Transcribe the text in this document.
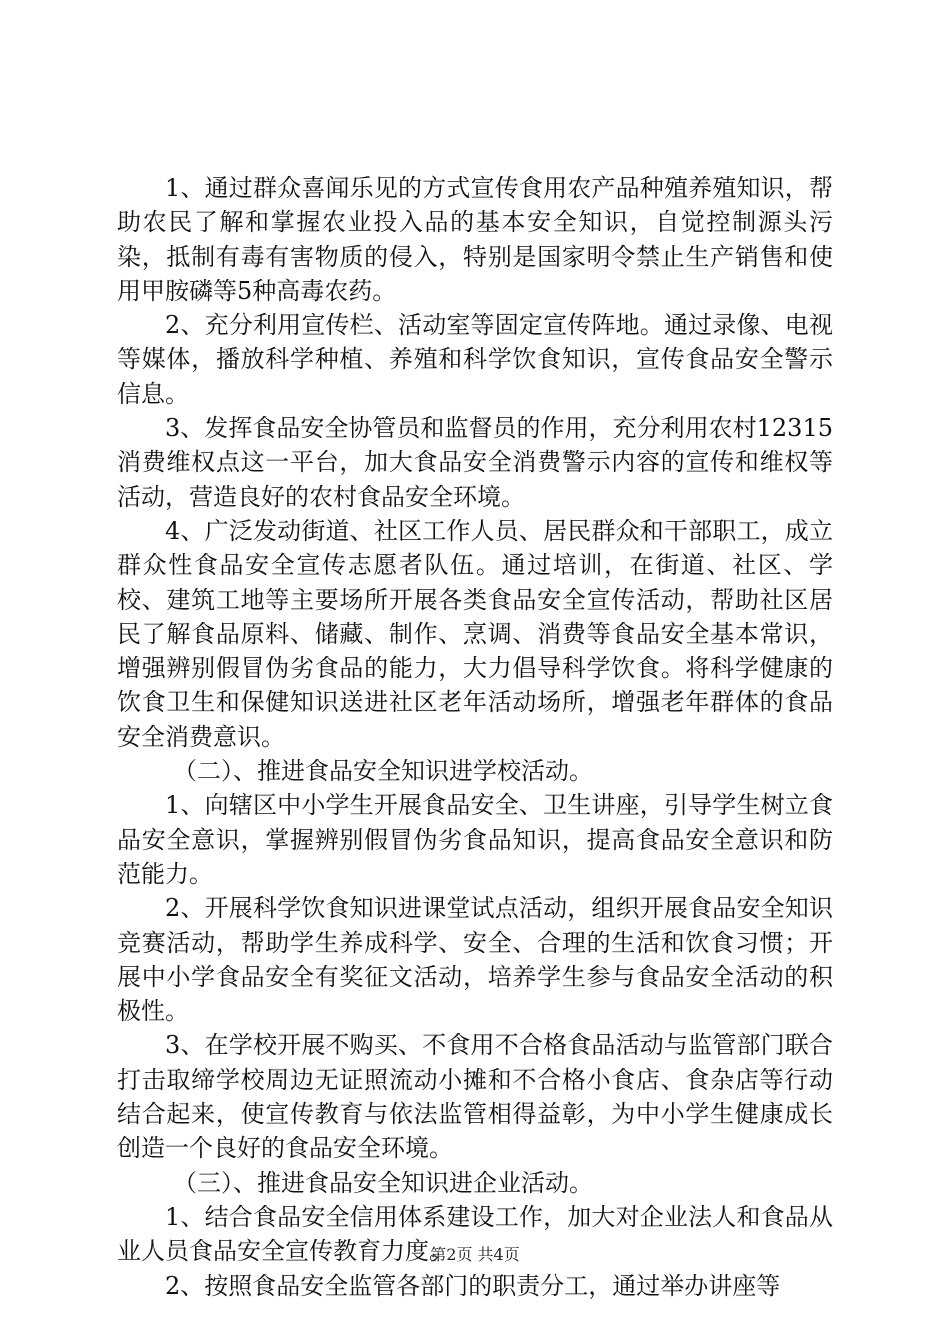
1、通过群众喜闻乐见的方式宣传食用农产品种殖养殖知识，帮助农民了解和掌握农业投入品的基本安全知识，自觉控制源头污染，抵制有毒有害物质的侵入，特别是国家明令禁止生产销售和使用甲胺磷等5种高毒农药。

2、充分利用宣传栏、活动室等固定宣传阵地。通过录像、电视等媒体，播放科学种植、养殖和科学饮食知识，宣传食品安全警示信息。

3、发挥食品安全协管员和监督员的作用，充分利用农村12315消费维权点这一平台，加大食品安全消费警示内容的宣传和维权等活动，营造良好的农村食品安全环境。

4、广泛发动街道、社区工作人员、居民群众和干部职工，成立群众性食品安全宣传志愿者队伍。通过培训，在街道、社区、学校、建筑工地等主要场所开展各类食品安全宣传活动，帮助社区居民了解食品原料、储藏、制作、烹调、消费等食品安全基本常识，增强辨别假冒伪劣食品的能力，大力倡导科学饮食。将科学健康的饮食卫生和保健知识送进社区老年活动场所，增强老年群体的食品安全消费意识。

（二）、推进食品安全知识进学校活动。

1、向辖区中小学生开展食品安全、卫生讲座，引导学生树立食品安全意识，掌握辨别假冒伪劣食品知识，提高食品安全意识和防范能力。

2、开展科学饮食知识进课堂试点活动，组织开展食品安全知识竞赛活动，帮助学生养成科学、安全、合理的生活和饮食习惯；开展中小学食品安全有奖征文活动，培养学生参与食品安全活动的积极性。

3、在学校开展不购买、不食用不合格食品活动与监管部门联合打击取缔学校周边无证照流动小摊和不合格小食店、食杂店等行动结合起来，使宣传教育与依法监管相得益彰，为中小学生健康成长创造一个良好的食品安全环境。

（三）、推进食品安全知识进企业活动。

1、结合食品安全信用体系建设工作，加大对企业法人和食品从业人员食品安全宣传教育力度。

2、按照食品安全监管各部门的职责分工，通过举办讲座等

第2页 共4页
